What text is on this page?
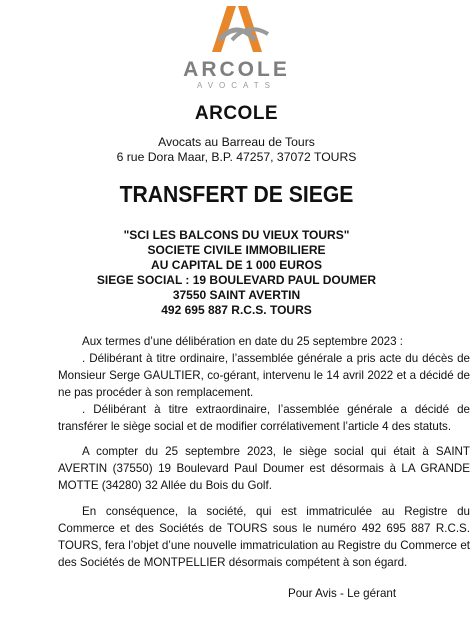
ARCOLE
AVOCATS
ARCOLE
Avocats au Barreau de Tours
6 rue Dora Maar, B.P. 47257, 37072 TOURS
TRANSFERT DE SIEGE
"SCI LES BALCONS DU VIEUX TOURS"
SOCIETE CIVILE IMMOBILIERE
AU CAPITAL DE 1 000 EUROS
SIEGE SOCIAL : 19 BOULEVARD PAUL DOUMER
37550 SAINT AVERTIN
492 695 887 R.C.S. TOURS

Aux termes d’une délibération en date du 25 septembre 2023 :

. Délibérant à titre ordinaire, l’assemblée générale a pris acte du décès de Monsieur Serge GAULTIER, co-gérant, intervenu le 14 avril 2022 et a décidé de ne pas procéder à son remplacement.

. Délibérant à titre extraordinaire, l’assemblée générale a décidé de transférer le siège social et de modifier corrélativement l’article 4 des statuts.

A compter du 25 septembre 2023, le siège social qui était à SAINT AVERTIN (37550) 19 Boulevard Paul Doumer est désormais à LA GRANDE MOTTE (34280) 32 Allée du Bois du Golf.

En conséquence, la société, qui est immatriculée au Registre du Commerce et des Sociétés de TOURS sous le numéro 492 695 887 R.C.S. TOURS, fera l’objet d’une nouvelle immatriculation au Registre du Commerce et des Sociétés de MONTPELLIER désormais compétent à son égard.

Pour Avis - Le gérant
